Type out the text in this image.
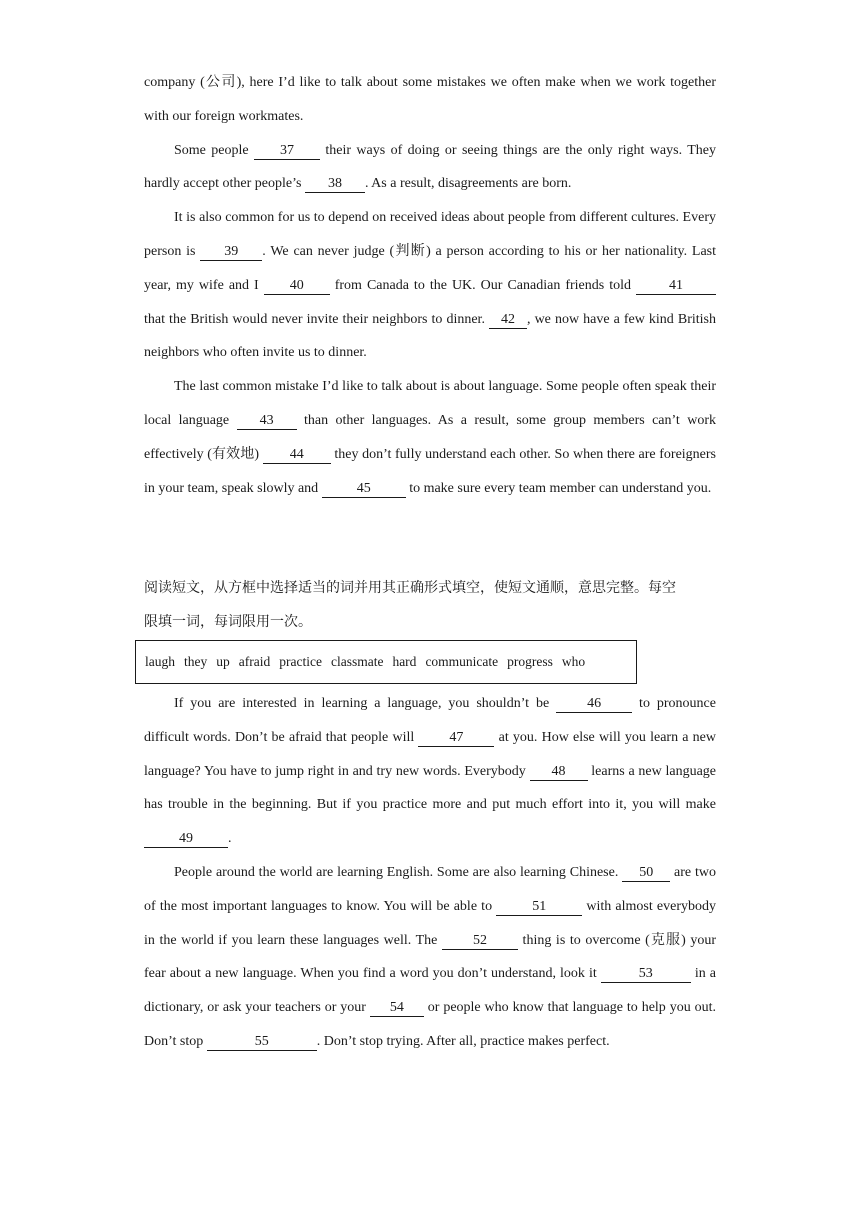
company (公司), here I’d like to talk about some mistakes we often make when we work together with our foreign workmates.

Some people 37 their ways of doing or seeing things are the only right ways. They hardly accept other people’s 38 . As a result, disagreements are born.

It is also common for us to depend on received ideas about people from different cultures. Every person is 39 . We can never judge (判断) a person according to his or her nationality. Last year, my wife and I 40 from Canada to the UK. Our Canadian friends told 41 that the British would never invite their neighbors to dinner. 42 , we now have a few kind British neighbors who often invite us to dinner.

The last common mistake I’d like to talk about is about language. Some people often speak their local language 43 than other languages. As a result, some group members can’t work effectively (有效地) 44 they don’t fully understand each other. So when there are foreigners in your team, speak slowly and	45	to make sure every team member can understand you.

阅读短文，从方框中选择适当的词并用其正确形式填空，使短文通顺，意思完整。每空

限填一词，每词限用一次。

laugh they up afraid practice classmate hard communicate progress who

If you are interested in learning a language, you shouldn’t be 46 to pronounce difficult words. Don’t be afraid that people will 47 at you. How else will you learn a new language? You have to jump right in and try new words. Everybody 48 learns a new language has trouble in the beginning. But if you practice more and put much effort into it, you will make 49	.

People around the world are learning English. Some are also learning Chinese. 50 are two of the most important languages to know. You will be able to	51	with almost everybody in the world if you learn these languages well. The 52 thing is to overcome (克服) your fear about a new language. When you find a word you don’t understand, look it	53	in a dictionary, or ask your teachers or your 54 or people who know that language to help you out. Don’t stop	55	. Don’t stop trying. After all, practice makes perfect.
